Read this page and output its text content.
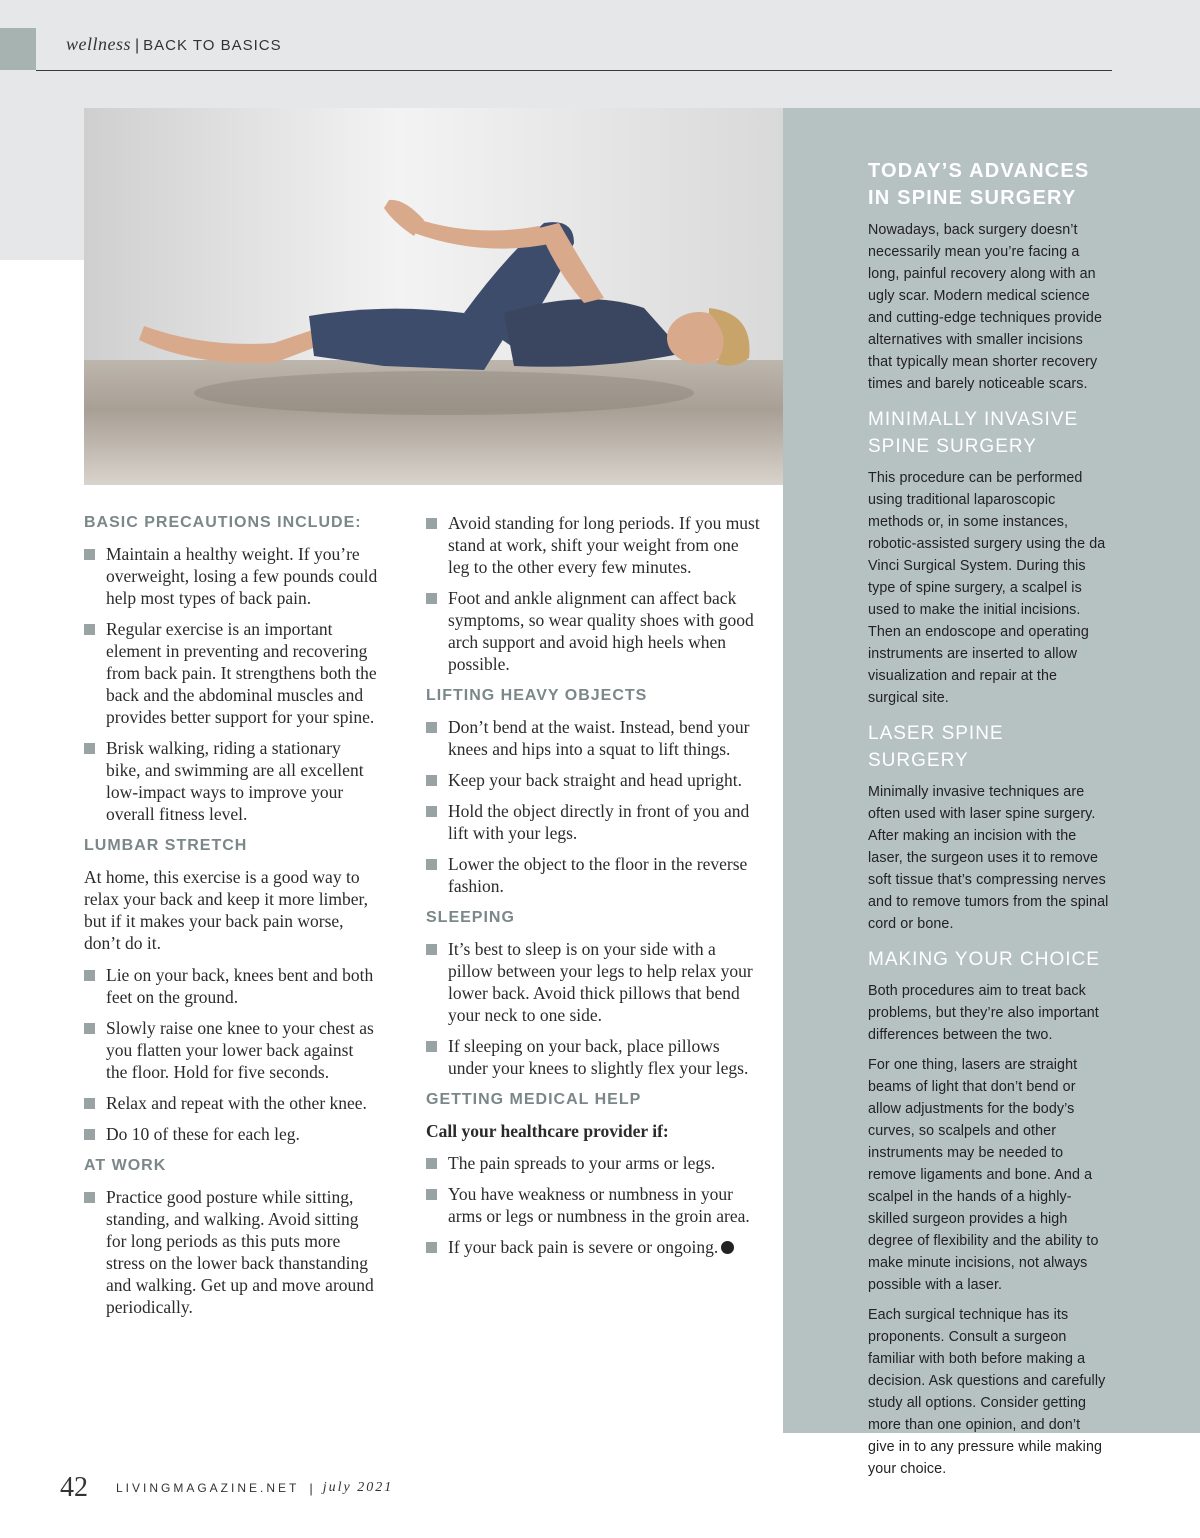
wellness | BACK TO BASICS
TODAY’S ADVANCES IN SPINE SURGERY

Nowadays, back surgery doesn’t necessarily mean you’re facing a long, painful recovery along with an ugly scar. Modern medical science and cutting-edge techniques provide alternatives with smaller incisions that typically mean shorter recovery times and barely noticeable scars.

MINIMALLY INVASIVE SPINE SURGERY

This procedure can be performed using traditional laparoscopic methods or, in some instances, robotic-assisted surgery using the da Vinci Surgical System. During this type of spine surgery, a scalpel is used to make the initial incisions. Then an endoscope and operating instruments are inserted to allow visualization and repair at the surgical site.

LASER SPINE SURGERY

Minimally invasive techniques are often used with laser spine surgery. After making an incision with the laser, the surgeon uses it to remove soft tissue that’s compressing nerves and to remove tumors from the spinal cord or bone.

MAKING YOUR CHOICE

Both procedures aim to treat back problems, but they’re also important differences between the two.

For one thing, lasers are straight beams of light that don’t bend or allow adjustments for the body’s curves, so scalpels and other instruments may be needed to remove ligaments and bone. And a scalpel in the hands of a highly-skilled surgeon provides a high degree of flexibility and the ability to make minute incisions, not always possible with a laser.

Each surgical technique has its proponents. Consult a surgeon familiar with both before making a decision. Ask questions and carefully study all options. Consider getting more than one opinion, and don’t give in to any pressure while making your choice.

BASIC PRECAUTIONS INCLUDE:
Maintain a healthy weight. If you’re overweight, losing a few pounds could help most types of back pain.
Regular exercise is an important element in preventing and recovering from back pain. It strengthens both the back and the abdominal muscles and provides better support for your spine.
Brisk walking, riding a stationary bike, and swimming are all excellent low-impact ways to improve your overall fitness level.
LUMBAR STRETCH

At home, this exercise is a good way to relax your back and keep it more limber, but if it makes your back pain worse, don’t do it.

Lie on your back, knees bent and both feet on the ground.
Slowly raise one knee to your chest as you flatten your lower back against the floor. Hold for five seconds.
Relax and repeat with the other knee.
Do 10 of these for each leg.
AT WORK
Practice good posture while sitting, standing, and walking. Avoid sitting for long periods as this puts more stress on the lower back thanstanding and walking. Get up and move around periodically.
Avoid standing for long periods. If you must stand at work, shift your weight from one leg to the other every few minutes.
Foot and ankle alignment can affect back symptoms, so wear quality shoes with good arch support and avoid high heels when possible.
LIFTING HEAVY OBJECTS
Don’t bend at the waist. Instead, bend your knees and hips into a squat to lift things.
Keep your back straight and head upright.
Hold the object directly in front of you and lift with your legs.
Lower the object to the floor in the reverse fashion.
SLEEPING
It’s best to sleep is on your side with a pillow between your legs to help relax your lower back. Avoid thick pillows that bend your neck to one side.
If sleeping on your back, place pillows under your knees to slightly flex your legs.
GETTING MEDICAL HELP

Call your healthcare provider if:

The pain spreads to your arms or legs.
You have weakness or numbness in your arms or legs or numbness in the groin area.
If your back pain is severe or ongoing.
42 LIVINGMAGAZINE.NET | july 2021
